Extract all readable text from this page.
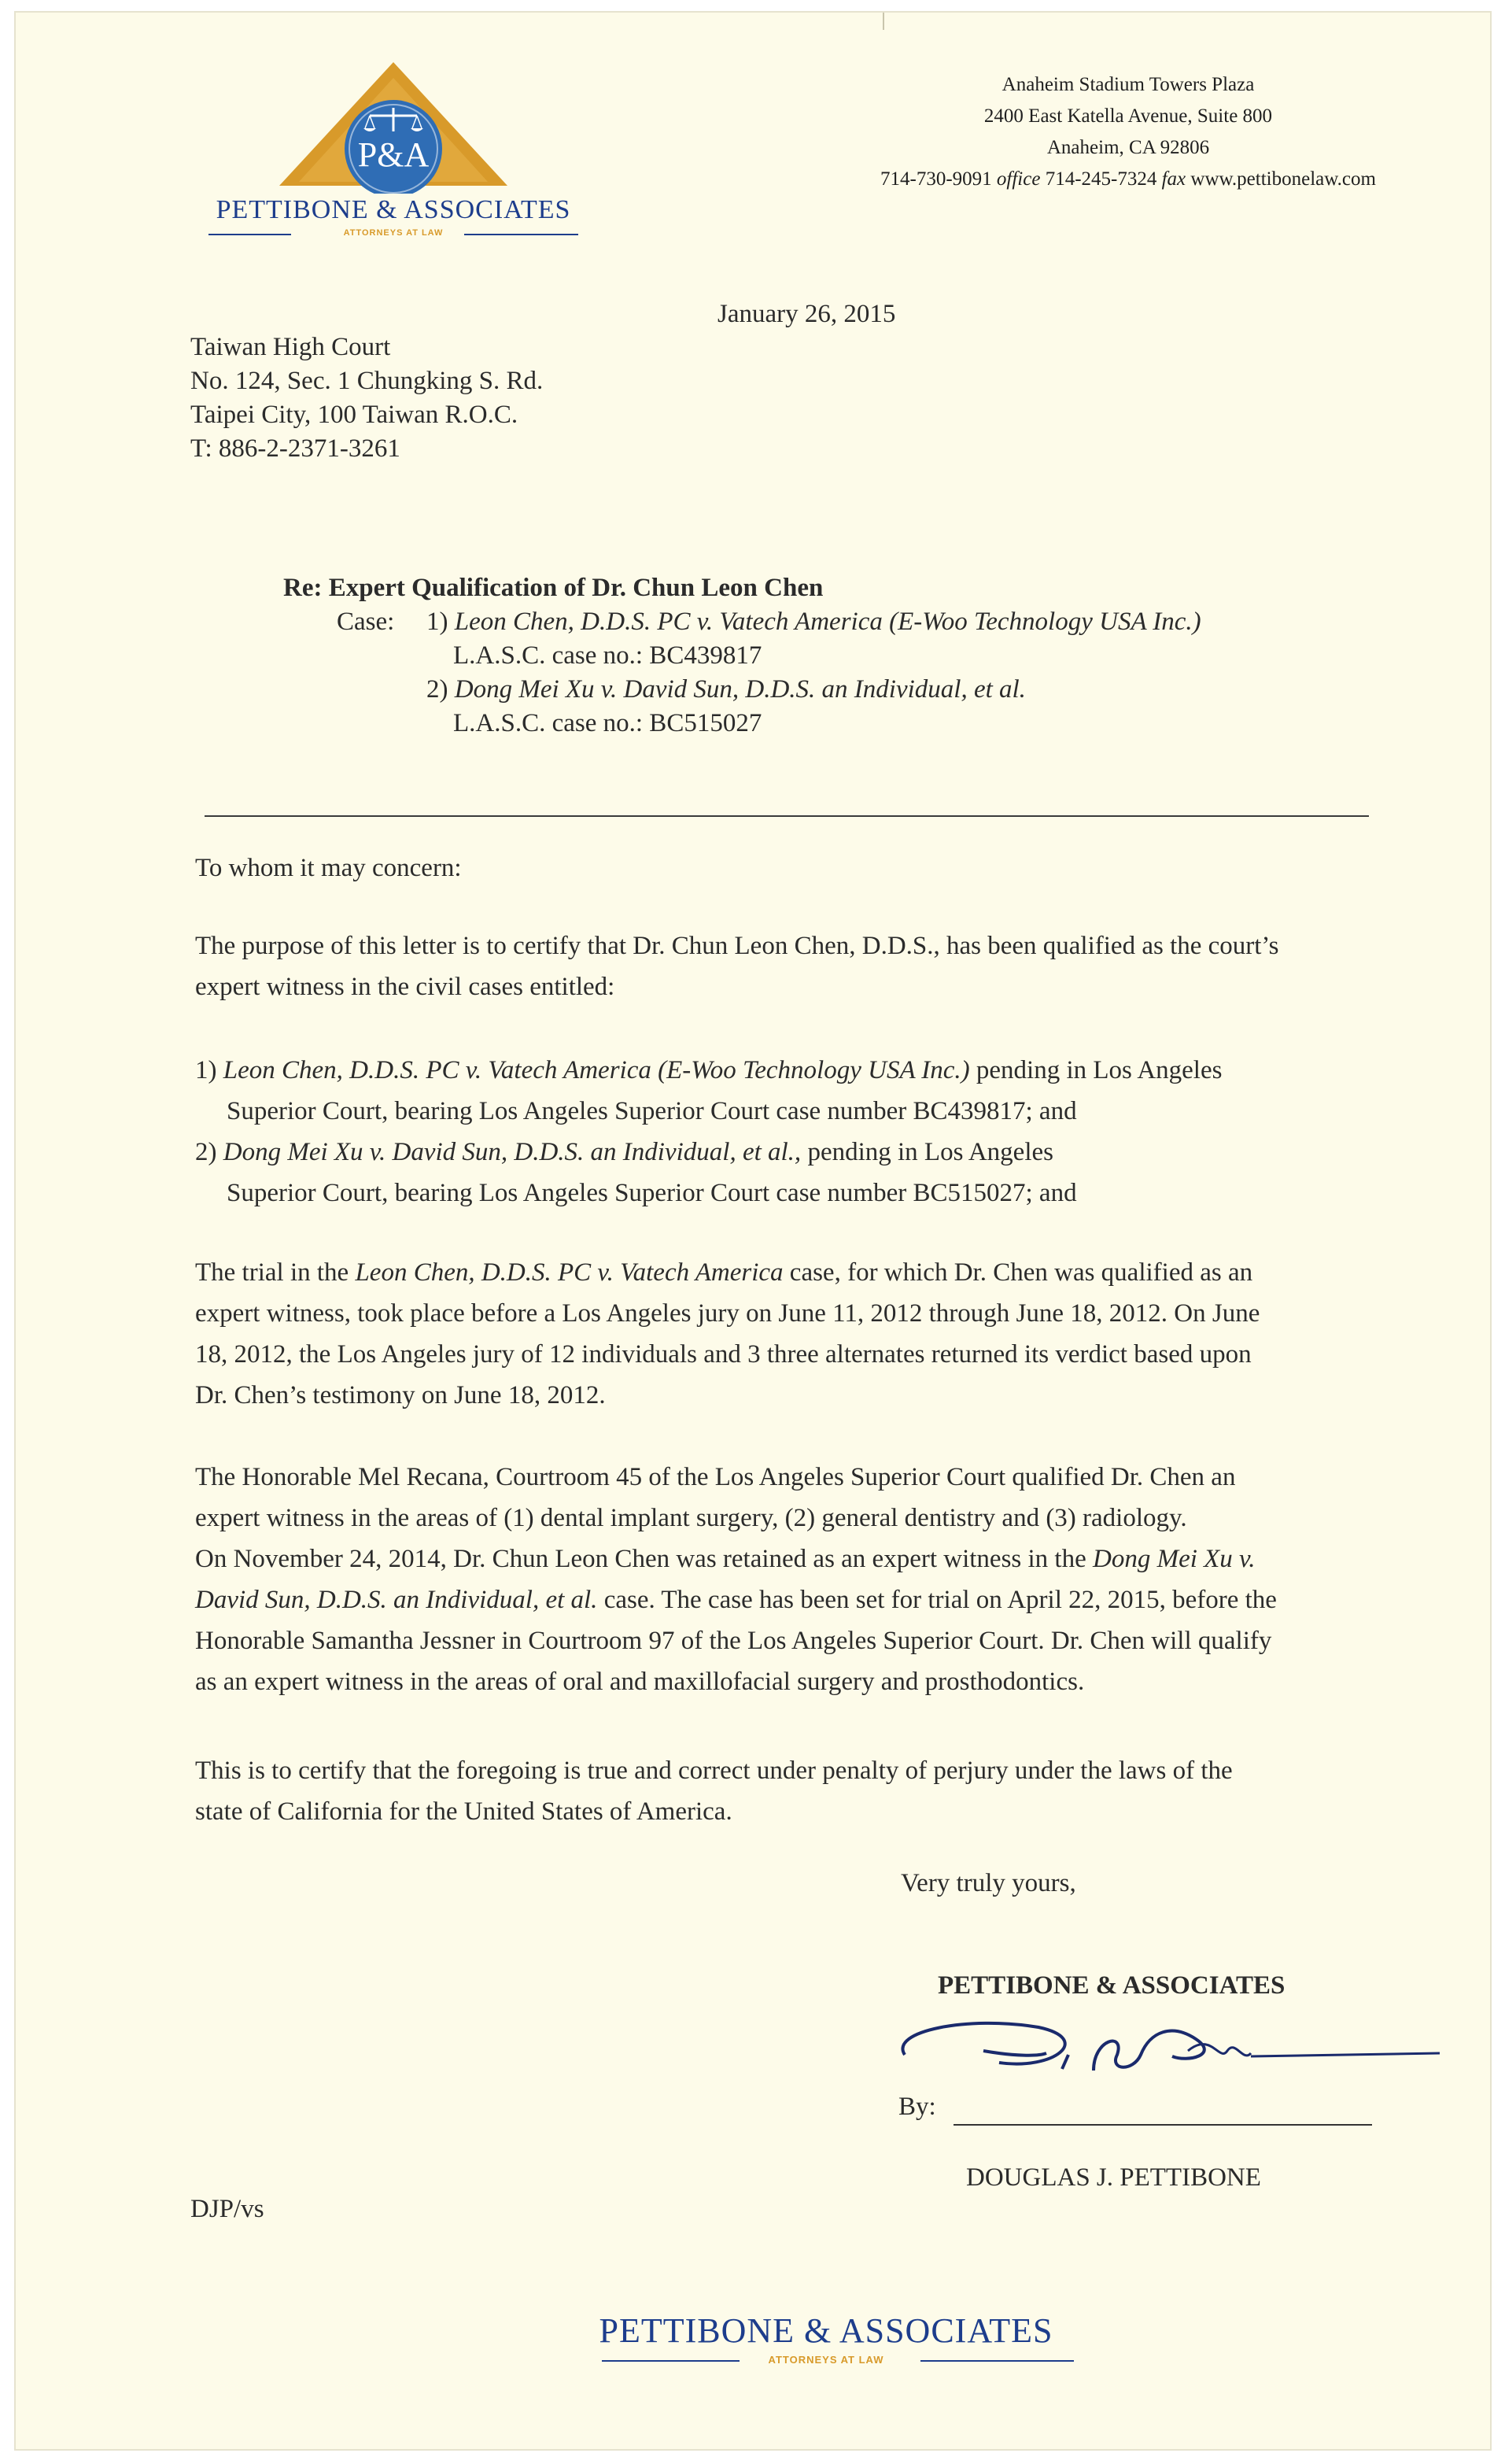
P&A
PETTIBONE & ASSOCIATES
ATTORNEYS AT LAW
Anaheim Stadium Towers Plaza
2400 East Katella Avenue, Suite 800
Anaheim, CA 92806
714-730-9091 office 714-245-7324 fax www.pettibonelaw.com
January 26, 2015
Taiwan High Court
No. 124, Sec. 1 Chungking S. Rd.
Taipei City, 100 Taiwan R.O.C.
T: 886-2-2371-3261
Re: Expert Qualification of Dr. Chun Leon Chen
Case: 1) Leon Chen, D.D.S. PC v. Vatech America (E-Woo Technology USA Inc.)
L.A.S.C. case no.: BC439817
2) Dong Mei Xu v. David Sun, D.D.S. an Individual, et al.
L.A.S.C. case no.: BC515027
To whom it may concern:
The purpose of this letter is to certify that Dr. Chun Leon Chen, D.D.S., has been qualified as the court’s
expert witness in the civil cases entitled:
1) Leon Chen, D.D.S. PC v. Vatech America (E-Woo Technology USA Inc.) pending in Los Angeles
Superior Court, bearing Los Angeles Superior Court case number BC439817; and
2) Dong Mei Xu v. David Sun, D.D.S. an Individual, et al., pending in Los Angeles
Superior Court, bearing Los Angeles Superior Court case number BC515027; and
The trial in the Leon Chen, D.D.S. PC v. Vatech America case, for which Dr. Chen was qualified as an
expert witness, took place before a Los Angeles jury on June 11, 2012 through June 18, 2012. On June
18, 2012, the Los Angeles jury of 12 individuals and 3 three alternates returned its verdict based upon
Dr. Chen’s testimony on June 18, 2012.
The Honorable Mel Recana, Courtroom 45 of the Los Angeles Superior Court qualified Dr. Chen an
expert witness in the areas of (1) dental implant surgery, (2) general dentistry and (3) radiology.
On November 24, 2014, Dr. Chun Leon Chen was retained as an expert witness in the Dong Mei Xu v.
David Sun, D.D.S. an Individual, et al. case. The case has been set for trial on April 22, 2015, before the
Honorable Samantha Jessner in Courtroom 97 of the Los Angeles Superior Court. Dr. Chen will qualify
as an expert witness in the areas of oral and maxillofacial surgery and prosthodontics.
This is to certify that the foregoing is true and correct under penalty of perjury under the laws of the
state of California for the United States of America.
Very truly yours,
PETTIBONE & ASSOCIATES
By:
DOUGLAS J. PETTIBONE
DJP/vs
PETTIBONE & ASSOCIATES
ATTORNEYS AT LAW
